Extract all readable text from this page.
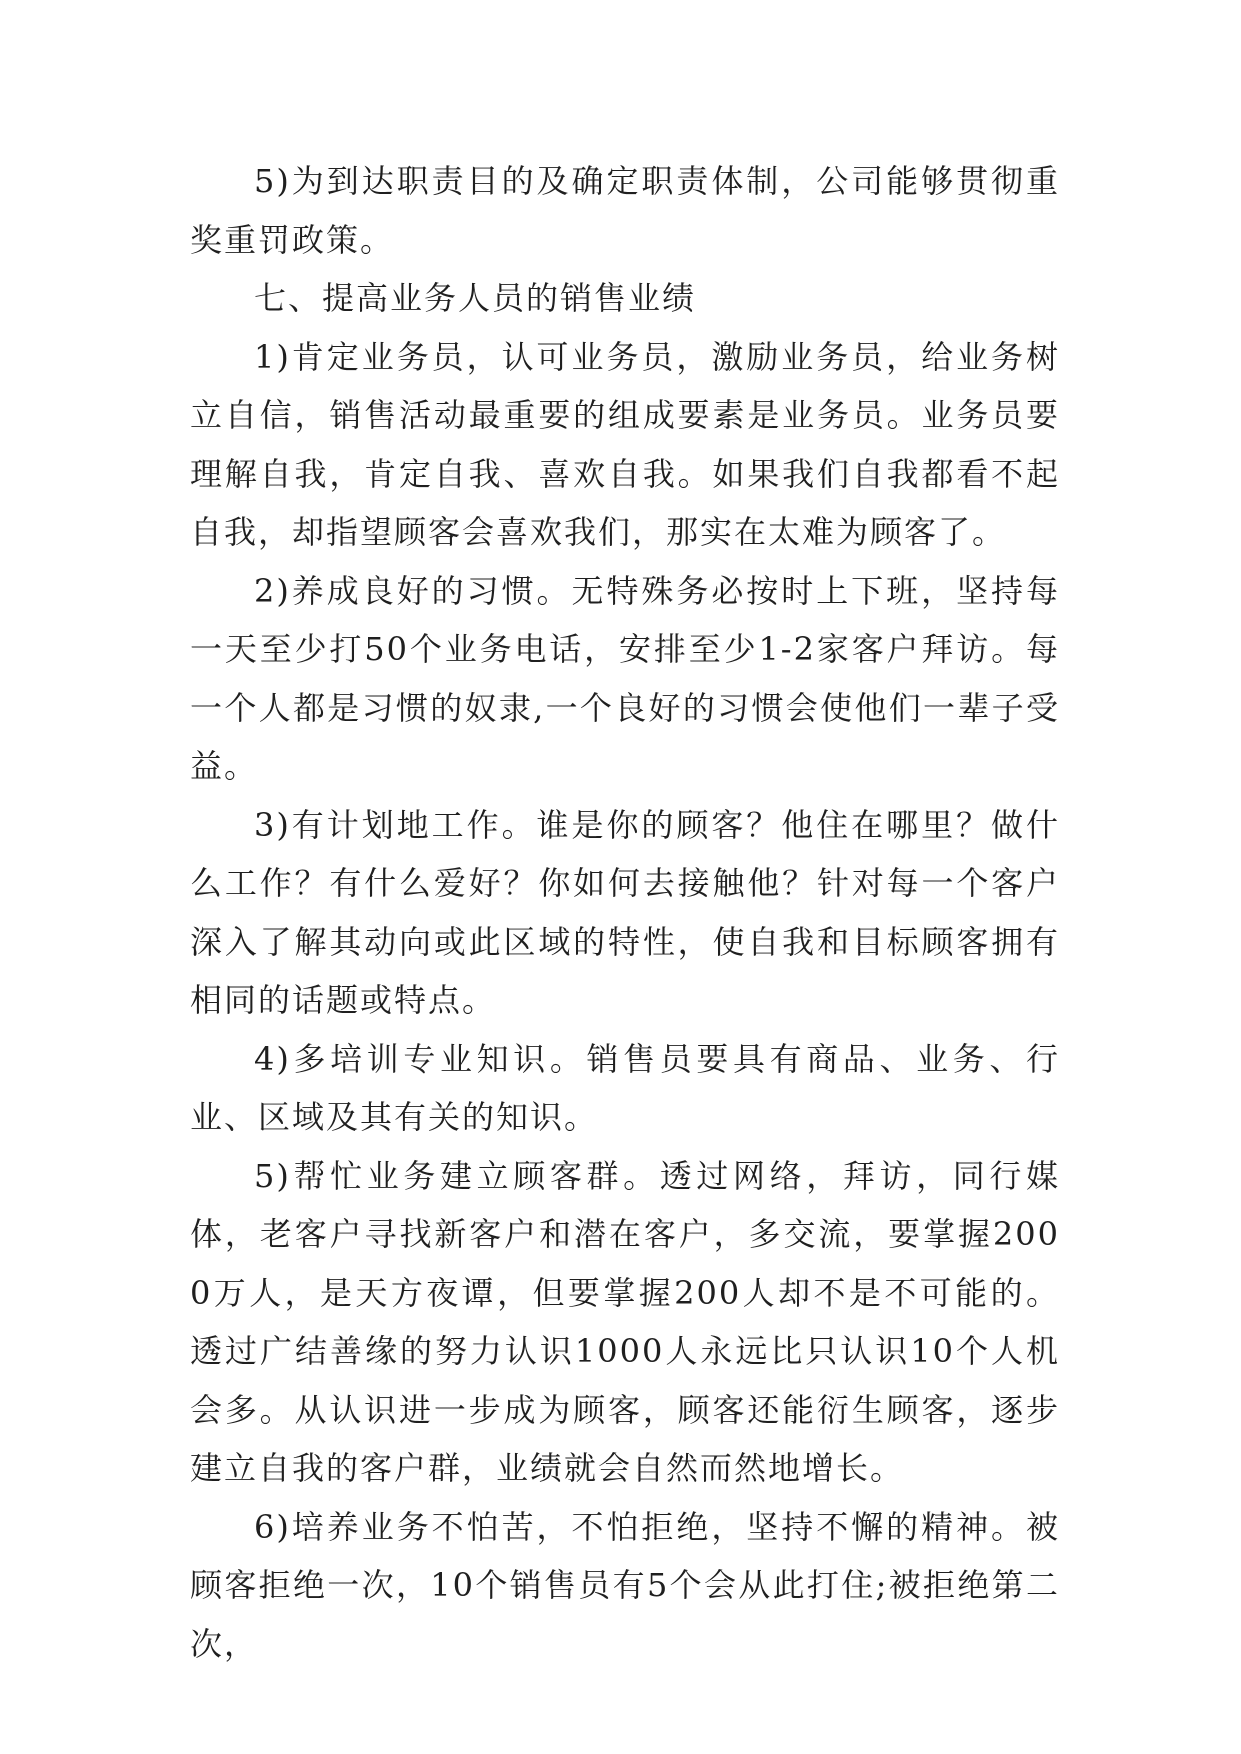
5)为到达职责目的及确定职责体制，公司能够贯彻重奖重罚政策。

七、提高业务人员的销售业绩

1)肯定业务员，认可业务员，激励业务员，给业务树立自信，销售活动最重要的组成要素是业务员。业务员要理解自我，肯定自我、喜欢自我。如果我们自我都看不起自我，却指望顾客会喜欢我们，那实在太难为顾客了。

2)养成良好的习惯。无特殊务必按时上下班，坚持每一天至少打50个业务电话，安排至少1-2家客户拜访。每一个人都是习惯的奴隶,一个良好的习惯会使他们一辈子受益。

3)有计划地工作。谁是你的顾客？他住在哪里？做什么工作？有什么爱好？你如何去接触他？针对每一个客户深入了解其动向或此区域的特性，使自我和目标顾客拥有相同的话题或特点。

4)多培训专业知识。销售员要具有商品、业务、行业、区域及其有关的知识。

5)帮忙业务建立顾客群。透过网络，拜访，同行媒体，老客户寻找新客户和潜在客户，多交流，要掌握2000万人，是天方夜谭，但要掌握200人却不是不可能的。透过广结善缘的努力认识1000人永远比只认识10个人机会多。从认识进一步成为顾客，顾客还能衍生顾客，逐步建立自我的客户群，业绩就会自然而然地增长。

6)培养业务不怕苦，不怕拒绝，坚持不懈的精神。被顾客拒绝一次，10个销售员有5个会从此打住;被拒绝第二次，
